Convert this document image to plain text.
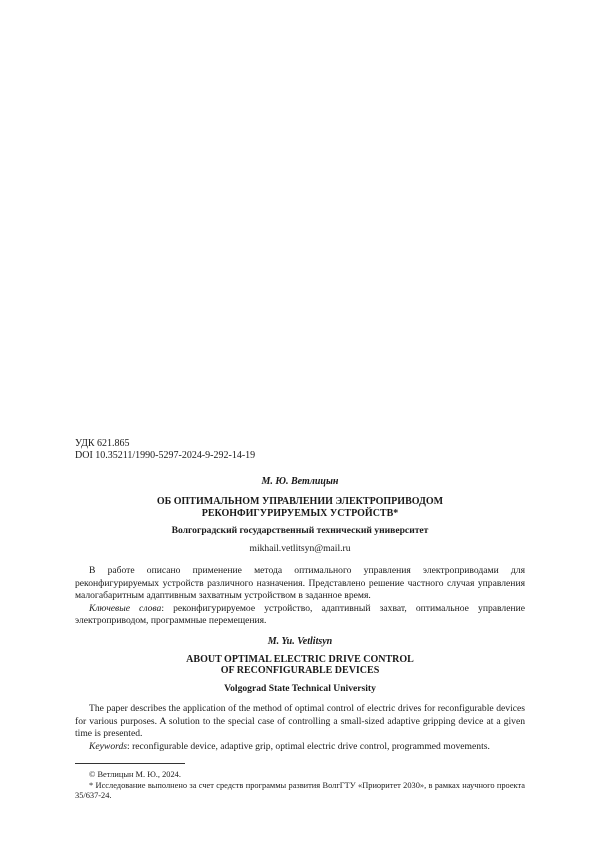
УДК 621.865
DOI 10.35211/1990-5297-2024-9-292-14-19
М. Ю. Ветлицын
ОБ ОПТИМАЛЬНОМ УПРАВЛЕНИИ ЭЛЕКТРОПРИВОДОМ
РЕКОНФИГУРИРУЕМЫХ УСТРОЙСТВ*
Волгоградский государственный технический университет
mikhail.vetlitsyn@mail.ru

В работе описано применение метода оптимального управления электроприводами для реконфигурируемых устройств различного назначения. Представлено решение частного случая управления малогабаритным адаптивным захватным устройством в заданное время.

Ключевые слова: реконфигурируемое устройство, адаптивный захват, оптимальное управление электроприводом, программные перемещения.

M. Yu. Vetlitsyn
ABOUT OPTIMAL ELECTRIC DRIVE CONTROL
OF RECONFIGURABLE DEVICES
Volgograd State Technical University

The paper describes the application of the method of optimal control of electric drives for reconfigurable devices for various purposes. A solution to the special case of controlling a small-sized adaptive gripping device at a given time is presented.

Keywords: reconfigurable device, adaptive grip, optimal electric drive control, programmed movements.

© Ветлицын М. Ю., 2024.

* Исследование выполнено за счет средств программы развития ВолгГТУ «Приоритет 2030», в рамках научного проекта 35/637-24.
